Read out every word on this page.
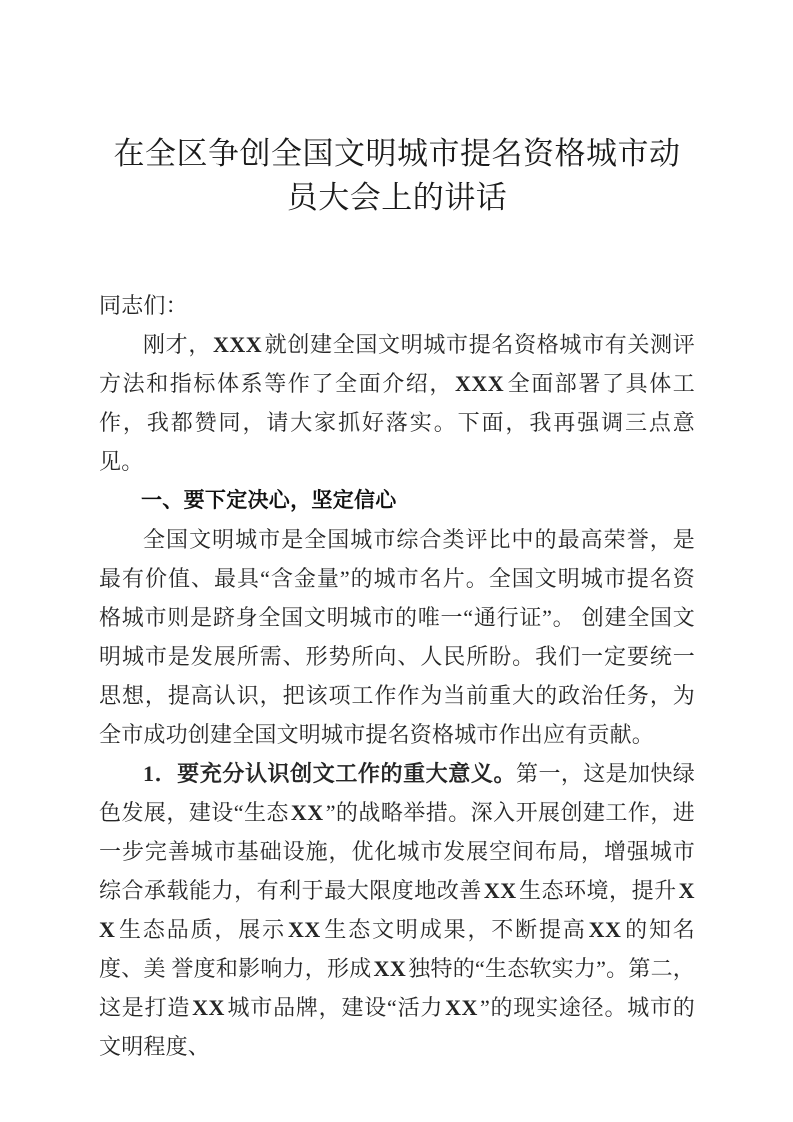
在全区争创全国文明城市提名资格城市动员大会上的讲话

同志们：

刚才，XXX就创建全国文明城市提名资格城市有关测评方法和指标体系等作了全面介绍，XXX全面部署了具体工作，我都赞同，请大家抓好落实。下面，我再强调三点意见。

一、要下定决心，坚定信心

全国文明城市是全国城市综合类评比中的最高荣誉，是最有价值、最具“含金量”的城市名片。全国文明城市提名资格城市则是跻身全国文明城市的唯一“通行证”。 创建全国文明城市是发展所需、形势所向、人民所盼。我们一定要统一思想，提高认识，把该项工作作为当前重大的政治任务，为全市成功创建全国文明城市提名资格城市作出应有贡献。

1．要充分认识创文工作的重大意义。第一，这是加快绿色发展，建设“生态XX”的战略举措。深入开展创建工作，进一步完善城市基础设施，优化城市发展空间布局，增强城市综合承载能力，有利于最大限度地改善XX生态环境，提升XX生态品质，展示XX生态文明成果，不断提高XX的知名度、美 誉度和影响力，形成XX独特的“生态软实力”。第二，这是打造XX城市品牌，建设“活力XX”的现实途径。城市的文明程度、
